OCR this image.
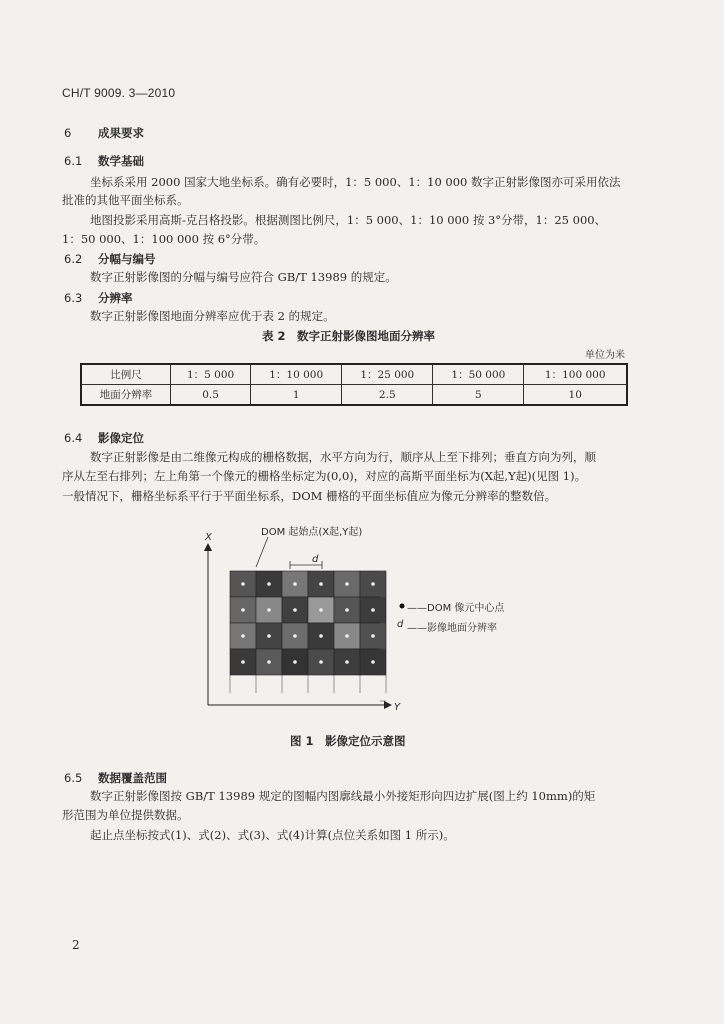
CH/T 9009. 3—2010
6 成果要求
6.1 数学基础
坐标系采用 2000 国家大地坐标系。确有必要时，1：5 000、1：10 000 数字正射影像图亦可采用依法
批准的其他平面坐标系。
地图投影采用高斯-克吕格投影。根据测图比例尺，1：5 000、1：10 000 按 3°分带，1：25 000、
1：50 000、1：100 000 按 6°分带。
6.2 分幅与编号
数字正射影像图的分幅与编号应符合 GB/T 13989 的规定。
6.3 分辨率
数字正射影像图地面分辨率应优于表 2 的规定。
表 2　数字正射影像图地面分辨率
单位为米
比例尺	1：5 000	1：10 000	1：25 000	1：50 000	1：100 000
地面分辨率	0.5	1	2.5	5	10
6.4 影像定位
数字正射影像是由二维像元构成的栅格数据，水平方向为行，顺序从上至下排列；垂直方向为列，顺
序从左至右排列；左上角第一个像元的栅格坐标定为(0,0)，对应的高斯平面坐标为(X起,Y起)(见图 1)。
一般情况下，栅格坐标系平行于平面坐标系，DOM 栅格的平面坐标值应为像元分辨率的整数倍。
DOM 起始点(X起,Y起)
X
Y
d
——DOM 像元中心点
d ——影像地面分辨率
图 1　影像定位示意图
6.5 数据覆盖范围
数字正射影像图按 GB/T 13989 规定的图幅内图廓线最小外接矩形向四边扩展(图上约 10mm)的矩
形范围为单位提供数据。
起止点坐标按式(1)、式(2)、式(3)、式(4)计算(点位关系如图 1 所示)。
2
